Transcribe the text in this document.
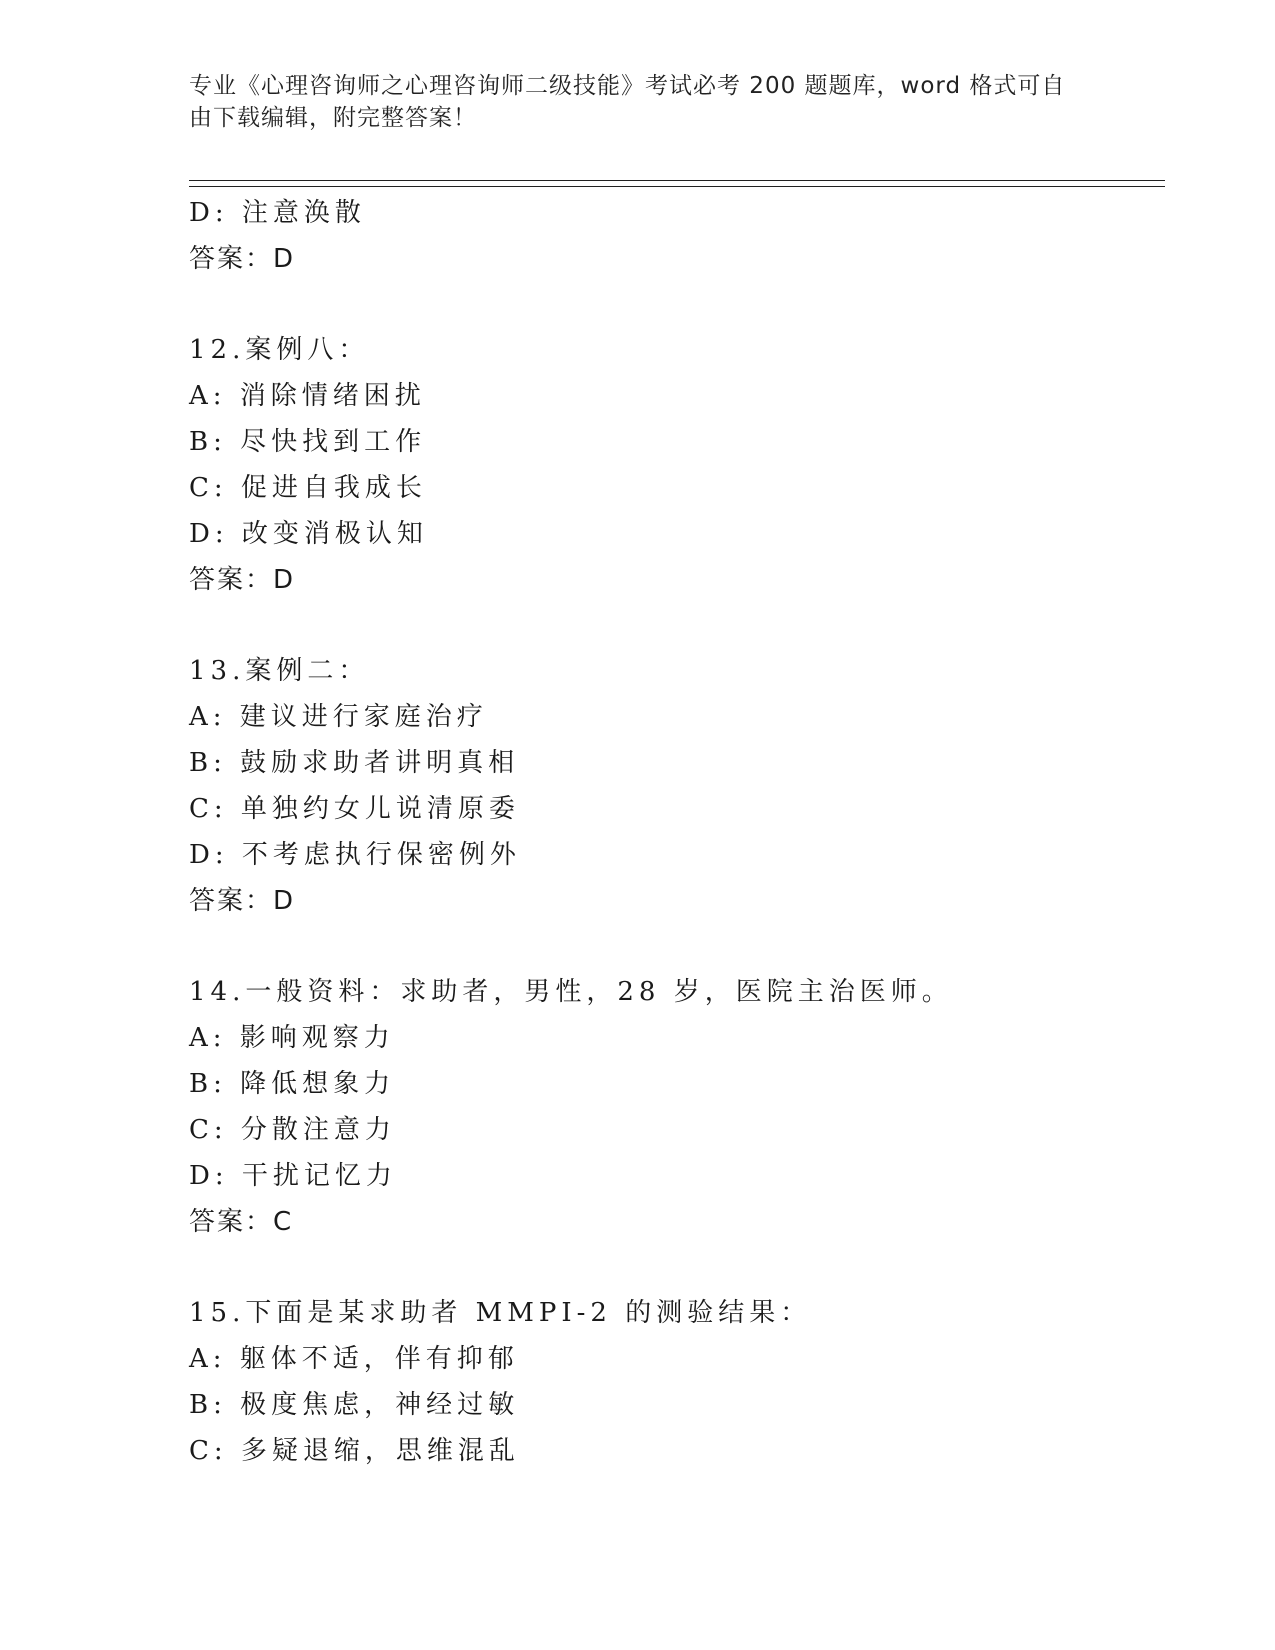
专业《心理咨询师之心理咨询师二级技能》考试必考 200 题题库，word 格式可自
由下载编辑，附完整答案！
D: 注意涣散
答案：D
12.案例八：
A: 消除情绪困扰
B: 尽快找到工作
C: 促进自我成长
D: 改变消极认知
答案：D
13.案例二：
A: 建议进行家庭治疗
B: 鼓励求助者讲明真相
C: 单独约女儿说清原委
D: 不考虑执行保密例外
答案：D
14.一般资料：求助者，男性，28 岁，医院主治医师。
A: 影响观察力
B: 降低想象力
C: 分散注意力
D: 干扰记忆力
答案：C
15.下面是某求助者 MMPI-2 的测验结果：
A: 躯体不适，伴有抑郁
B: 极度焦虑，神经过敏
C: 多疑退缩，思维混乱
